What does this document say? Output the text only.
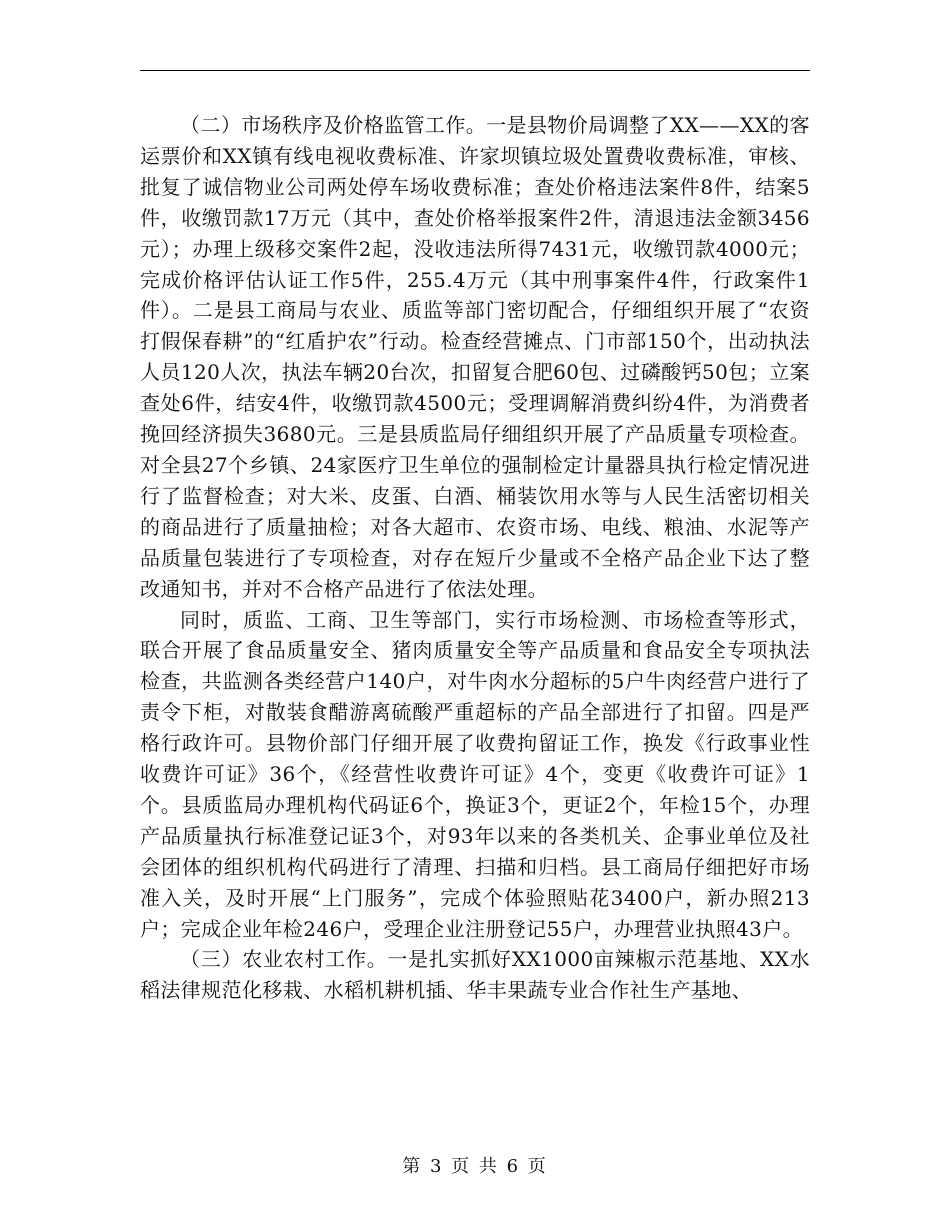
（二）市场秩序及价格监管工作。一是县物价局调整了XX——XX的客运票价和XX镇有线电视收费标准、许家坝镇垃圾处置费收费标准，审核、批复了诚信物业公司两处停车场收费标准；查处价格违法案件8件，结案5件，收缴罚款17万元（其中，查处价格举报案件2件，清退违法金额3456元）；办理上级移交案件2起，没收违法所得7431元，收缴罚款4000元；完成价格评估认证工作5件，255.4万元（其中刑事案件4件，行政案件1件）。二是县工商局与农业、质监等部门密切配合，仔细组织开展了“农资打假保春耕”的“红盾护农”行动。检查经营摊点、门市部150个，出动执法人员120人次，执法车辆20台次，扣留复合肥60包、过磷酸钙50包；立案查处6件，结安4件，收缴罚款4500元；受理调解消费纠纷4件，为消费者挽回经济损失3680元。三是县质监局仔细组织开展了产品质量专项检查。对全县27个乡镇、24家医疗卫生单位的强制检定计量器具执行检定情况进行了监督检查；对大米、皮蛋、白酒、桶装饮用水等与人民生活密切相关的商品进行了质量抽检；对各大超市、农资市场、电线、粮油、水泥等产品质量包装进行了专项检查，对存在短斤少量或不全格产品企业下达了整改通知书，并对不合格产品进行了依法处理。

同时，质监、工商、卫生等部门，实行市场检测、市场检查等形式，联合开展了食品质量安全、猪肉质量安全等产品质量和食品安全专项执法检查，共监测各类经营户140户，对牛肉水分超标的5户牛肉经营户进行了责令下柜，对散装食醋游离硫酸严重超标的产品全部进行了扣留。四是严格行政许可。县物价部门仔细开展了收费拘留证工作，换发《行政事业性收费许可证》36个，《经营性收费许可证》4个，变更《收费许可证》1个。县质监局办理机构代码证6个，换证3个，更证2个，年检15个，办理产品质量执行标准登记证3个，对93年以来的各类机关、企事业单位及社会团体的组织机构代码进行了清理、扫描和归档。县工商局仔细把好市场准入关，及时开展“上门服务”，完成个体验照贴花3400户，新办照213户；完成企业年检246户，受理企业注册登记55户，办理营业执照43户。

（三）农业农村工作。一是扎实抓好XX1000亩辣椒示范基地、XX水稻法律规范化移栽、水稻机耕机插、华丰果蔬专业合作社生产基地、

第 3 页 共 6 页
